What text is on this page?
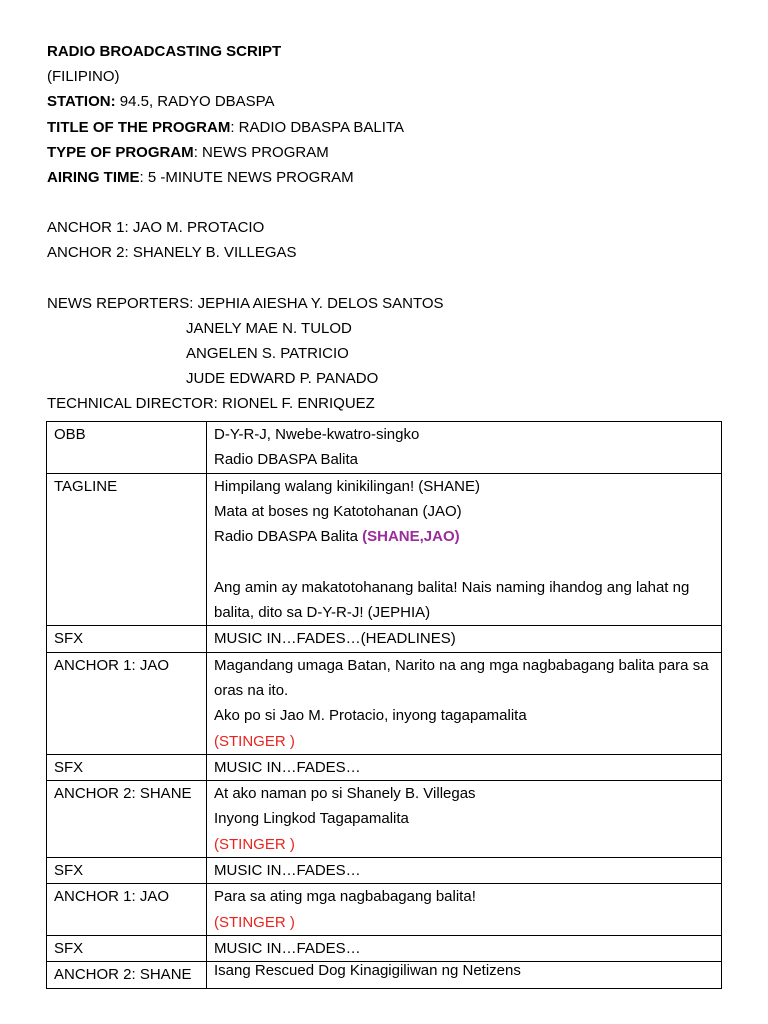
RADIO BROADCASTING SCRIPT
(FILIPINO)
STATION: 94.5, RADYO DBASPA
TITLE OF THE PROGRAM: RADIO DBASPA BALITA
TYPE OF PROGRAM: NEWS PROGRAM
AIRING TIME: 5 -MINUTE NEWS PROGRAM
ANCHOR 1: JAO M. PROTACIO
ANCHOR 2: SHANELY B. VILLEGAS
NEWS REPORTERS: JEPHIA AIESHA Y. DELOS SANTOS
JANELY MAE N. TULOD
ANGELEN S. PATRICIO
JUDE EDWARD P. PANADO
TECHNICAL DIRECTOR: RIONEL F. ENRIQUEZ
OBB	D-Y-R-J, Nwebe-kwatro-singko
Radio DBASPA Balita

TAGLINE	Himpilang walang kinikilingan! (SHANE)
Mata at boses ng Katotohanan (JAO)
Radio DBASPA Balita (SHANE,JAO)
Ang amin ay makatotohanang balita! Nais naming ihandog ang lahat ng balita, dito sa D-Y-R-J! (JEPHIA)

SFX	MUSIC IN…FADES…(HEADLINES)

ANCHOR 1: JAO	Magandang umaga Batan, Narito na ang mga nagbabagang balita para sa oras na ito.
Ako po si Jao M. Protacio, inyong tagapamalita
(STINGER )

SFX	MUSIC IN…FADES…

ANCHOR 2: SHANE	At ako naman po si Shanely B. Villegas
Inyong Lingkod Tagapamalita
(STINGER )

SFX	MUSIC IN…FADES…

ANCHOR 1: JAO	Para sa ating mga nagbabagang balita!
(STINGER )

SFX	MUSIC IN…FADES…

ANCHOR 2: SHANE	Isang Rescued Dog Kinagigiliwan ng Netizens
